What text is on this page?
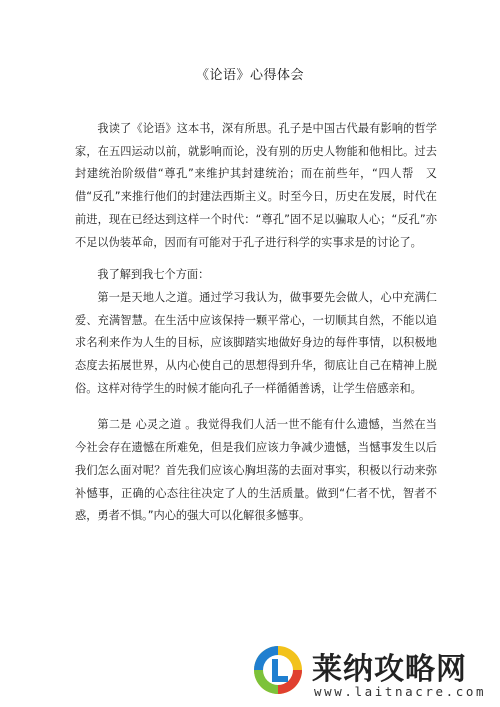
《论语》心得体会

我读了《论语》这本书，深有所思。孔子是中国古代最有影响的哲学家，在五四运动以前，就影响而论，没有别的历史人物能和他相比。过去封建统治阶级借“尊孔”来维护其封建统治；而在前些年，“四人帮　又借“反孔”来推行他们的封建法西斯主义。时至今日，历史在发展，时代在前进，现在已经达到这样一个时代：“尊孔”固不足以骗取人心；“反孔”亦不足以伪装革命，因而有可能对于孔子进行科学的实事求是的讨论了。

我了解到我七个方面：

第一是天地人之道。通过学习我认为，做事要先会做人，心中充满仁爱、充满智慧。在生活中应该保持一颗平常心，一切顺其自然，不能以追求名利来作为人生的目标，应该脚踏实地做好身边的每件事情，以积极地态度去拓展世界，从内心使自己的思想得到升华，彻底让自己在精神上脱俗。这样对待学生的时候才能向孔子一样循循善诱，让学生倍感亲和。

第二是 心灵之道 。我觉得我们人活一世不能有什么遗憾，当然在当今社会存在遗憾在所难免，但是我们应该力争减少遗憾，当憾事发生以后我们怎么面对呢？首先我们应该心胸坦荡的去面对事实，积极以行动来弥补憾事，正确的心态往往决定了人的生活质量。做到“仁者不忧，智者不惑，勇者不惧。”内心的强大可以化解很多憾事。

莱纳攻略网
www.laitnacre.com
